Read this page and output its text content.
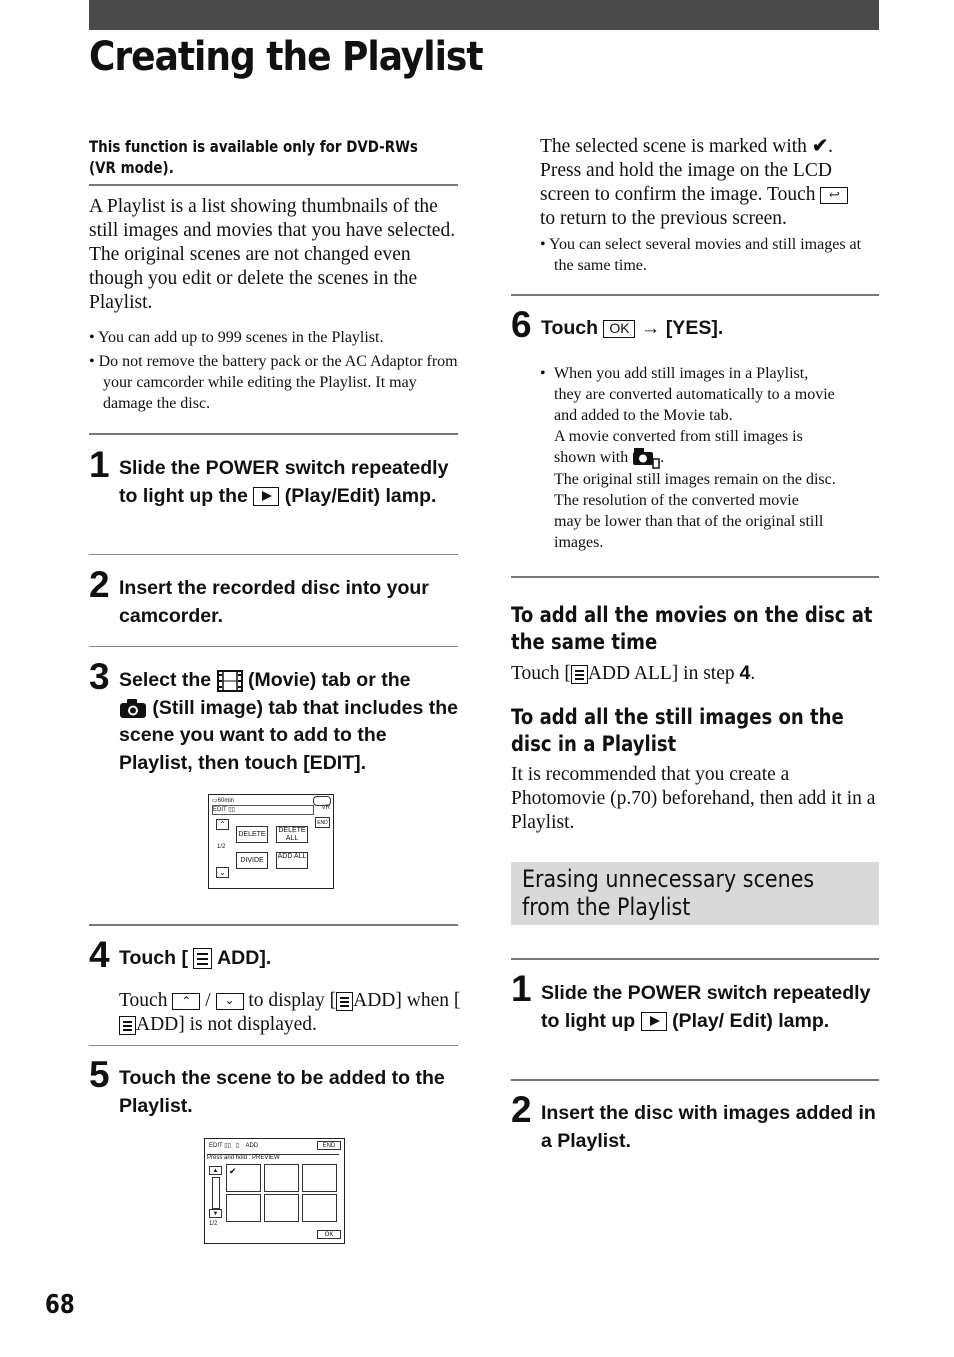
Creating the Playlist
This function is available only for DVD-RWs (VR mode).
A Playlist is a list showing thumbnails of the still images and movies that you have selected. The original scenes are not changed even though you edit or delete the scenes in the Playlist.

• You can add up to 999 scenes in the Playlist.

• Do not remove the battery pack or the AC Adaptor from your camcorder while editing the Playlist. It may damage the disc.

1 Slide the POWER switch repeatedly to light up the (Play/Edit) lamp.
2 Insert the recorded disc into your camcorder.
3 Select the (Movie) tab or the
(Still image) tab that includes the scene you want to add to the Playlist, then touch [EDIT].
▭60min
VR
EDIT ▯▯
END
⌃
1/2
⌄
DELETE
DELETE ALL
DIVIDE
ADD ALL
4 Touch [ ADD].
Touch ⌃ / ⌄ to display [ ADD] when [
ADD] is not displayed.
5 Touch the scene to be added to the Playlist.
EDIT ▯▯   ▯    ADD	END
Press and hold : PREVIEW
▲
▼
1/2
✔
OK
The selected scene is marked with ✔.
Press and hold the image on the LCD
screen to confirm the image. Touch ↩
to return to the previous screen.

• You can select several movies and still images at the same time.

6 Touch OK → [YES].
• When you add still images in a Playlist,
they are converted automatically to a movie
and added to the Movie tab.
A movie converted from still images is
shown with .
The original still images remain on the disc.
The resolution of the converted movie
may be lower than that of the original still
images.
To add all the movies on the disc at the same time
Touch [ ADD ALL] in step 4.
To add all the still images on the disc in a Playlist
It is recommended that you create a Photomovie (p.70) beforehand, then add it in a Playlist.
Erasing unnecessary scenes from the Playlist
1 Slide the POWER switch repeatedly to light up (Play/ Edit) lamp.
2 Insert the disc with images added in a Playlist.
68
